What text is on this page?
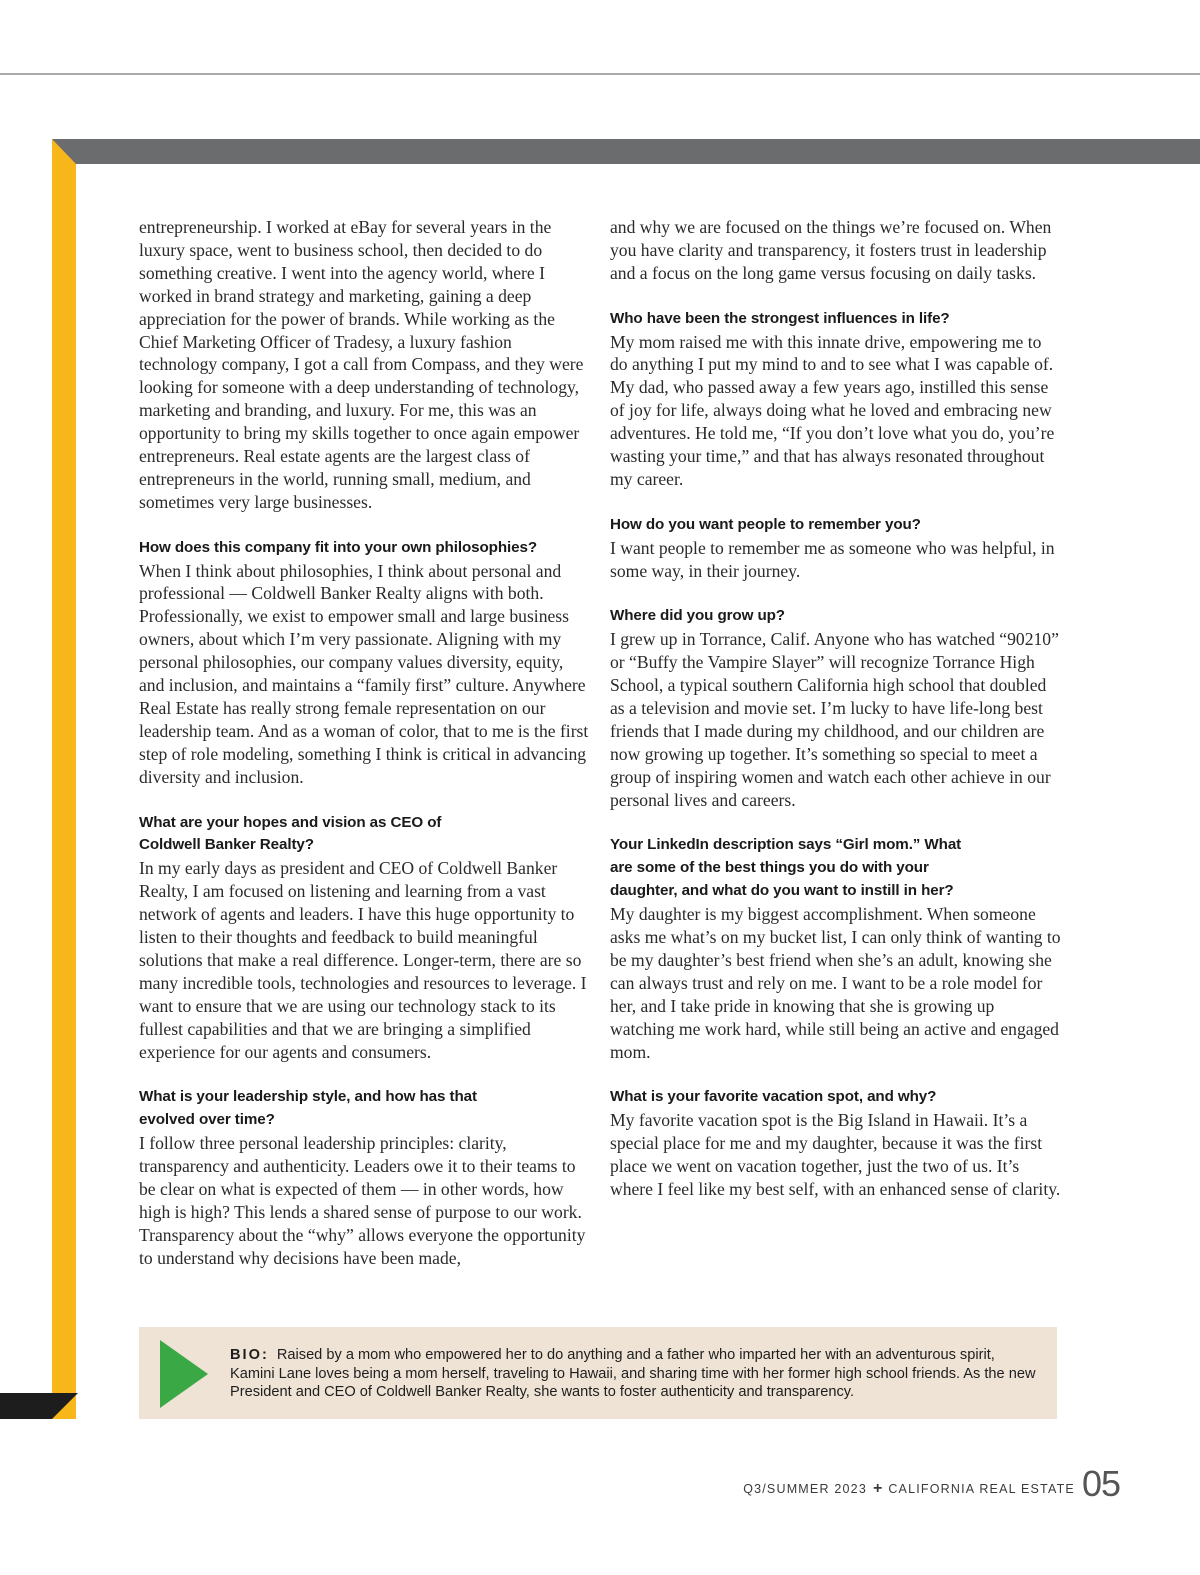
entrepreneurship. I worked at eBay for several years in the luxury space, went to business school, then decided to do something creative. I went into the agency world, where I worked in brand strategy and marketing, gaining a deep appreciation for the power of brands. While working as the Chief Marketing Officer of Tradesy, a luxury fashion technology company, I got a call from Compass, and they were looking for someone with a deep understanding of technology, marketing and branding, and luxury. For me, this was an opportunity to bring my skills together to once again empower entrepreneurs. Real estate agents are the largest class of entrepreneurs in the world, running small, medium, and sometimes very large businesses.

How does this company fit into your own philosophies?
When I think about philosophies, I think about personal and professional — Coldwell Banker Realty aligns with both. Professionally, we exist to empower small and large business owners, about which I’m very passionate. Aligning with my personal philosophies, our company values diversity, equity, and inclusion, and maintains a “family first” culture. Anywhere Real Estate has really strong female representation on our leadership team. And as a woman of color, that to me is the first step of role modeling, something I think is critical in advancing diversity and inclusion.

What are your hopes and vision as CEO of Coldwell Banker Realty?
In my early days as president and CEO of Coldwell Banker Realty, I am focused on listening and learning from a vast network of agents and leaders. I have this huge opportunity to listen to their thoughts and feedback to build meaningful solutions that make a real difference. Longer-term, there are so many incredible tools, technologies and resources to leverage. I want to ensure that we are using our technology stack to its fullest capabilities and that we are bringing a simplified experience for our agents and consumers.

What is your leadership style, and how has that evolved over time?
I follow three personal leadership principles: clarity, transparency and authenticity. Leaders owe it to their teams to be clear on what is expected of them — in other words, how high is high? This lends a shared sense of purpose to our work. Transparency about the “why” allows everyone the opportunity to understand why decisions have been made,

and why we are focused on the things we’re focused on. When you have clarity and transparency, it fosters trust in leadership and a focus on the long game versus focusing on daily tasks.

Who have been the strongest influences in life?
My mom raised me with this innate drive, empowering me to do anything I put my mind to and to see what I was capable of. My dad, who passed away a few years ago, instilled this sense of joy for life, always doing what he loved and embracing new adventures. He told me, “If you don’t love what you do, you’re wasting your time,” and that has always resonated throughout my career.

How do you want people to remember you?
I want people to remember me as someone who was helpful, in some way, in their journey.

Where did you grow up?
I grew up in Torrance, Calif. Anyone who has watched “90210” or “Buffy the Vampire Slayer” will recognize Torrance High School, a typical southern California high school that doubled as a television and movie set. I’m lucky to have life-long best friends that I made during my childhood, and our children are now growing up together. It’s something so special to meet a group of inspiring women and watch each other achieve in our personal lives and careers.

Your LinkedIn description says “Girl mom.” What are some of the best things you do with your daughter, and what do you want to instill in her?
My daughter is my biggest accomplishment. When someone asks me what’s on my bucket list, I can only think of wanting to be my daughter’s best friend when she’s an adult, knowing she can always trust and rely on me. I want to be a role model for her, and I take pride in knowing that she is growing up watching me work hard, while still being an active and engaged mom.

What is your favorite vacation spot, and why?
My favorite vacation spot is the Big Island in Hawaii. It’s a special place for me and my daughter, because it was the first place we went on vacation together, just the two of us. It’s where I feel like my best self, with an enhanced sense of clarity.

BIO: Raised by a mom who empowered her to do anything and a father who imparted her with an adventurous spirit, Kamini Lane loves being a mom herself, traveling to Hawaii, and sharing time with her former high school friends. As the new President and CEO of Coldwell Banker Realty, she wants to foster authenticity and transparency.
Q3/SUMMER 2023 + CALIFORNIA REAL ESTATE 05
